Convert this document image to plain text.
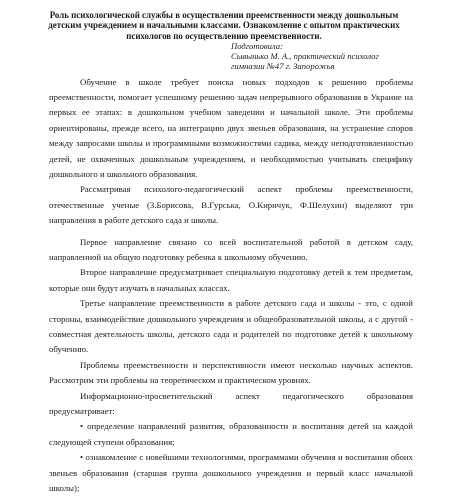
Роль психологической службы в осуществлении преемственности между дошкольным детским учреждением и начальными классами. Ознакомление с опытом практических психологов по осуществлению преемственности.
Подготовила:
Сывынько М. А., практический психолог
гимназии №47 г. Запорожья

Обучение в школе требует поиска новых подходов к решению проблемы преемственности, помогает успешному решению задач непрерывного образования в Украине на первых ее этапах: в дошкольном учебном заведении и начальной школе. Эти проблемы ориентированы, прежде всего, на интеграцию двух звеньев образования, на устранение споров между запросами школы и программными возможностями садика, между неподготовленностью детей, не охваченных дошкольным учреждением, и необходимостью учитывать специфику дошкольного и школьного образования.

Рассматривая психолого-педагогический аспект проблемы преемственности, отечественные ученые (З.Борисова, В.Гурська, О.Киричук, Ф.Шелухин) выделяют три направления в работе детского сада и школы.

Первое направление связано со всей воспитательной работой в детском саду, направленной на общую подготовку ребенка к школьному обучению.

Второе направление предусматривает специальную подготовку детей к тем предметам, которые они будут изучать в начальных классах.

Третье направление преемственности в работе детского сада и школы - это, с одной стороны, взаимодействие дошкольного учреждения и общеобразовательной школы, а с другой - совместная деятельность школы, детского сада и родителей по подготовке детей к школьному обучению.

Проблемы преемственности и перспективности имеют несколько научных аспектов. Рассмотрим эти проблемы на теоретическом и практическом уровнях.

Информационно-просветительский аспект педагогического образования предусматривает:

• определение направлений развития, образованности и воспитания детей на каждой следующей ступени образования;

• ознакомление с новейшими технологиями, программами обучения и воспитания обоих звеньев образования (старшая группа дошкольного учреждения и первый класс начальной школы);
